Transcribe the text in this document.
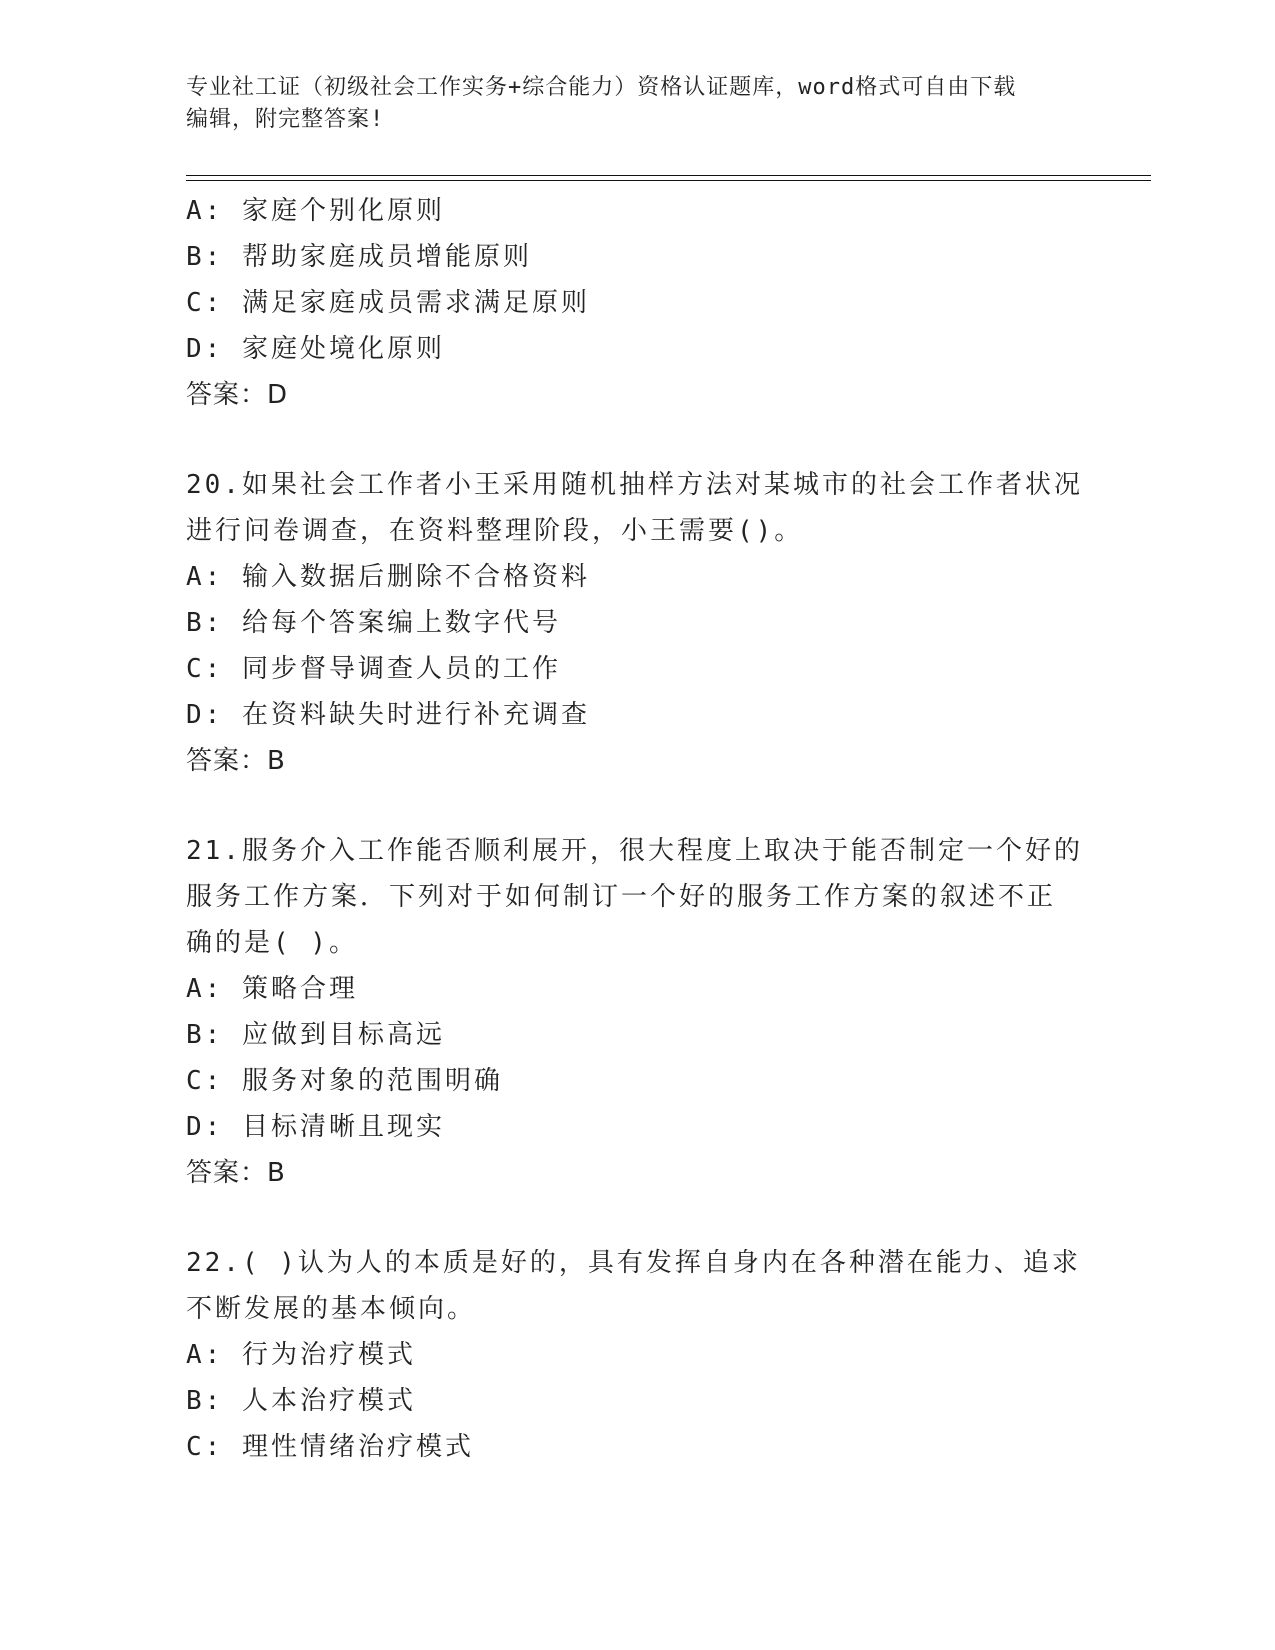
专业社工证（初级社会工作实务+综合能力）资格认证题库，word格式可自由下载
编辑，附完整答案!
A: 家庭个别化原则
B: 帮助家庭成员增能原则
C: 满足家庭成员需求满足原则
D: 家庭处境化原则
答案：D
20.如果社会工作者小王采用随机抽样方法对某城市的社会工作者状况
进行问卷调查，在资料整理阶段，小王需要()。
A: 输入数据后删除不合格资料
B: 给每个答案编上数字代号
C: 同步督导调查人员的工作
D: 在资料缺失时进行补充调查
答案：B
21.服务介入工作能否顺利展开，很大程度上取决于能否制定一个好的
服务工作方案．下列对于如何制订一个好的服务工作方案的叙述不正
确的是( )。
A: 策略合理
B: 应做到目标高远
C: 服务对象的范围明确
D: 目标清晰且现实
答案：B
22.( )认为人的本质是好的，具有发挥自身内在各种潜在能力、追求
不断发展的基本倾向。
A: 行为治疗模式
B: 人本治疗模式
C: 理性情绪治疗模式
